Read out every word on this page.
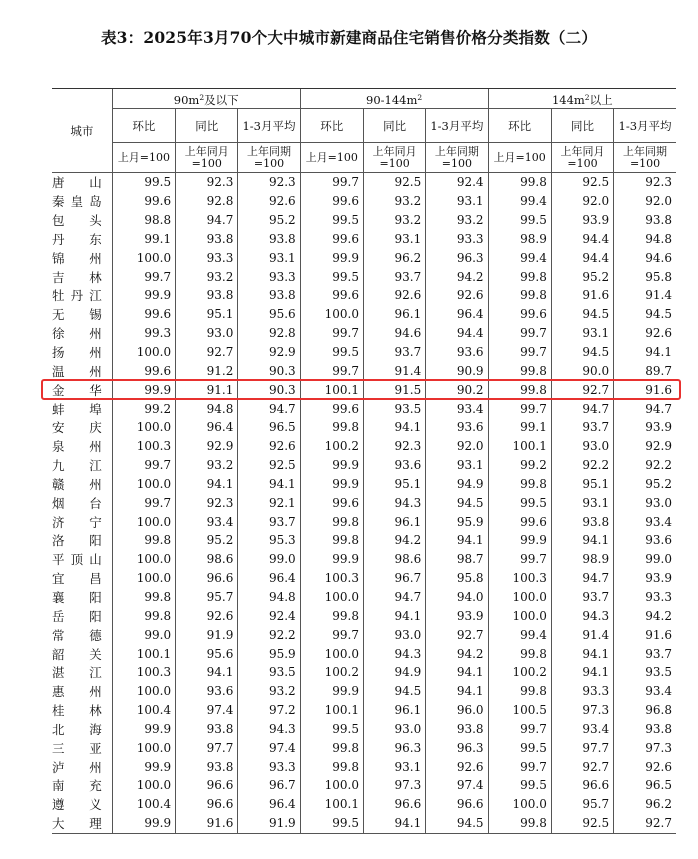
表3：2025年3月70个大中城市新建商品住宅销售价格分类指数（二）
城市	$90m^2$及以下			$90-144m^2$			$144m^2$以上		
	环比	同比	1-3月平均	环比	同比	1-3月平均	环比	同比	1-3月平均
	上月=100	上年同月=100	上年同期=100	上月=100	上年同月=100	上年同期=100	上月=100	上年同月=100	上年同期=100
唐山	99.5	92.3	92.3	99.7	92.5	92.4	99.8	92.5	92.3
秦皇岛	99.6	92.8	92.6	99.6	93.2	93.1	99.4	92.0	92.0
包头	98.8	94.7	95.2	99.5	93.2	93.2	99.5	93.9	93.8
丹东	99.1	93.8	93.8	99.6	93.1	93.3	98.9	94.4	94.8
锦州	100.0	93.3	93.1	99.9	96.2	96.3	99.4	94.4	94.6
吉林	99.7	93.2	93.3	99.5	93.7	94.2	99.8	95.2	95.8
牡丹江	99.9	93.8	93.8	99.6	92.6	92.6	99.8	91.6	91.4
无锡	99.6	95.1	95.6	100.0	96.1	96.4	99.6	94.5	94.5
徐州	99.3	93.0	92.8	99.7	94.6	94.4	99.7	93.1	92.6
扬州	100.0	92.7	92.9	99.5	93.7	93.6	99.7	94.5	94.1
温州	99.6	91.2	90.3	99.7	91.4	90.9	99.8	90.0	89.7
金华	99.9	91.1	90.3	100.1	91.5	90.2	99.8	92.7	91.6
蚌埠	99.2	94.8	94.7	99.6	93.5	93.4	99.7	94.7	94.7
安庆	100.0	96.4	96.5	99.8	94.1	93.6	99.1	93.7	93.9
泉州	100.3	92.9	92.6	100.2	92.3	92.0	100.1	93.0	92.9
九江	99.7	93.2	92.5	99.9	93.6	93.1	99.2	92.2	92.2
赣州	100.0	94.1	94.1	99.9	95.1	94.9	99.8	95.1	95.2
烟台	99.7	92.3	92.1	99.6	94.3	94.5	99.5	93.1	93.0
济宁	100.0	93.4	93.7	99.8	96.1	95.9	99.6	93.8	93.4
洛阳	99.8	95.2	95.3	99.8	94.2	94.1	99.9	94.1	93.6
平顶山	100.0	98.6	99.0	99.9	98.6	98.7	99.7	98.9	99.0
宜昌	100.0	96.6	96.4	100.3	96.7	95.8	100.3	94.7	93.9
襄阳	99.8	95.7	94.8	100.0	94.7	94.0	100.0	93.7	93.3
岳阳	99.8	92.6	92.4	99.8	94.1	93.9	100.0	94.3	94.2
常德	99.0	91.9	92.2	99.7	93.0	92.7	99.4	91.4	91.6
韶关	100.1	95.6	95.9	100.0	94.3	94.2	99.8	94.1	93.7
湛江	100.3	94.1	93.5	100.2	94.9	94.1	100.2	94.1	93.5
惠州	100.0	93.6	93.2	99.9	94.5	94.1	99.8	93.3	93.4
桂林	100.4	97.4	97.2	100.1	96.1	96.0	100.5	97.3	96.8
北海	99.9	93.8	94.3	99.5	93.0	93.8	99.7	93.4	93.8
三亚	100.0	97.7	97.4	99.8	96.3	96.3	99.5	97.7	97.3
泸州	99.9	93.8	93.3	99.8	93.1	92.6	99.7	92.7	92.6
南充	100.0	96.6	96.7	100.0	97.3	97.4	99.5	96.6	96.5
遵义	100.4	96.6	96.4	100.1	96.6	96.6	100.0	95.7	96.2
大理	99.9	91.6	91.9	99.5	94.1	94.5	99.8	92.5	92.7
